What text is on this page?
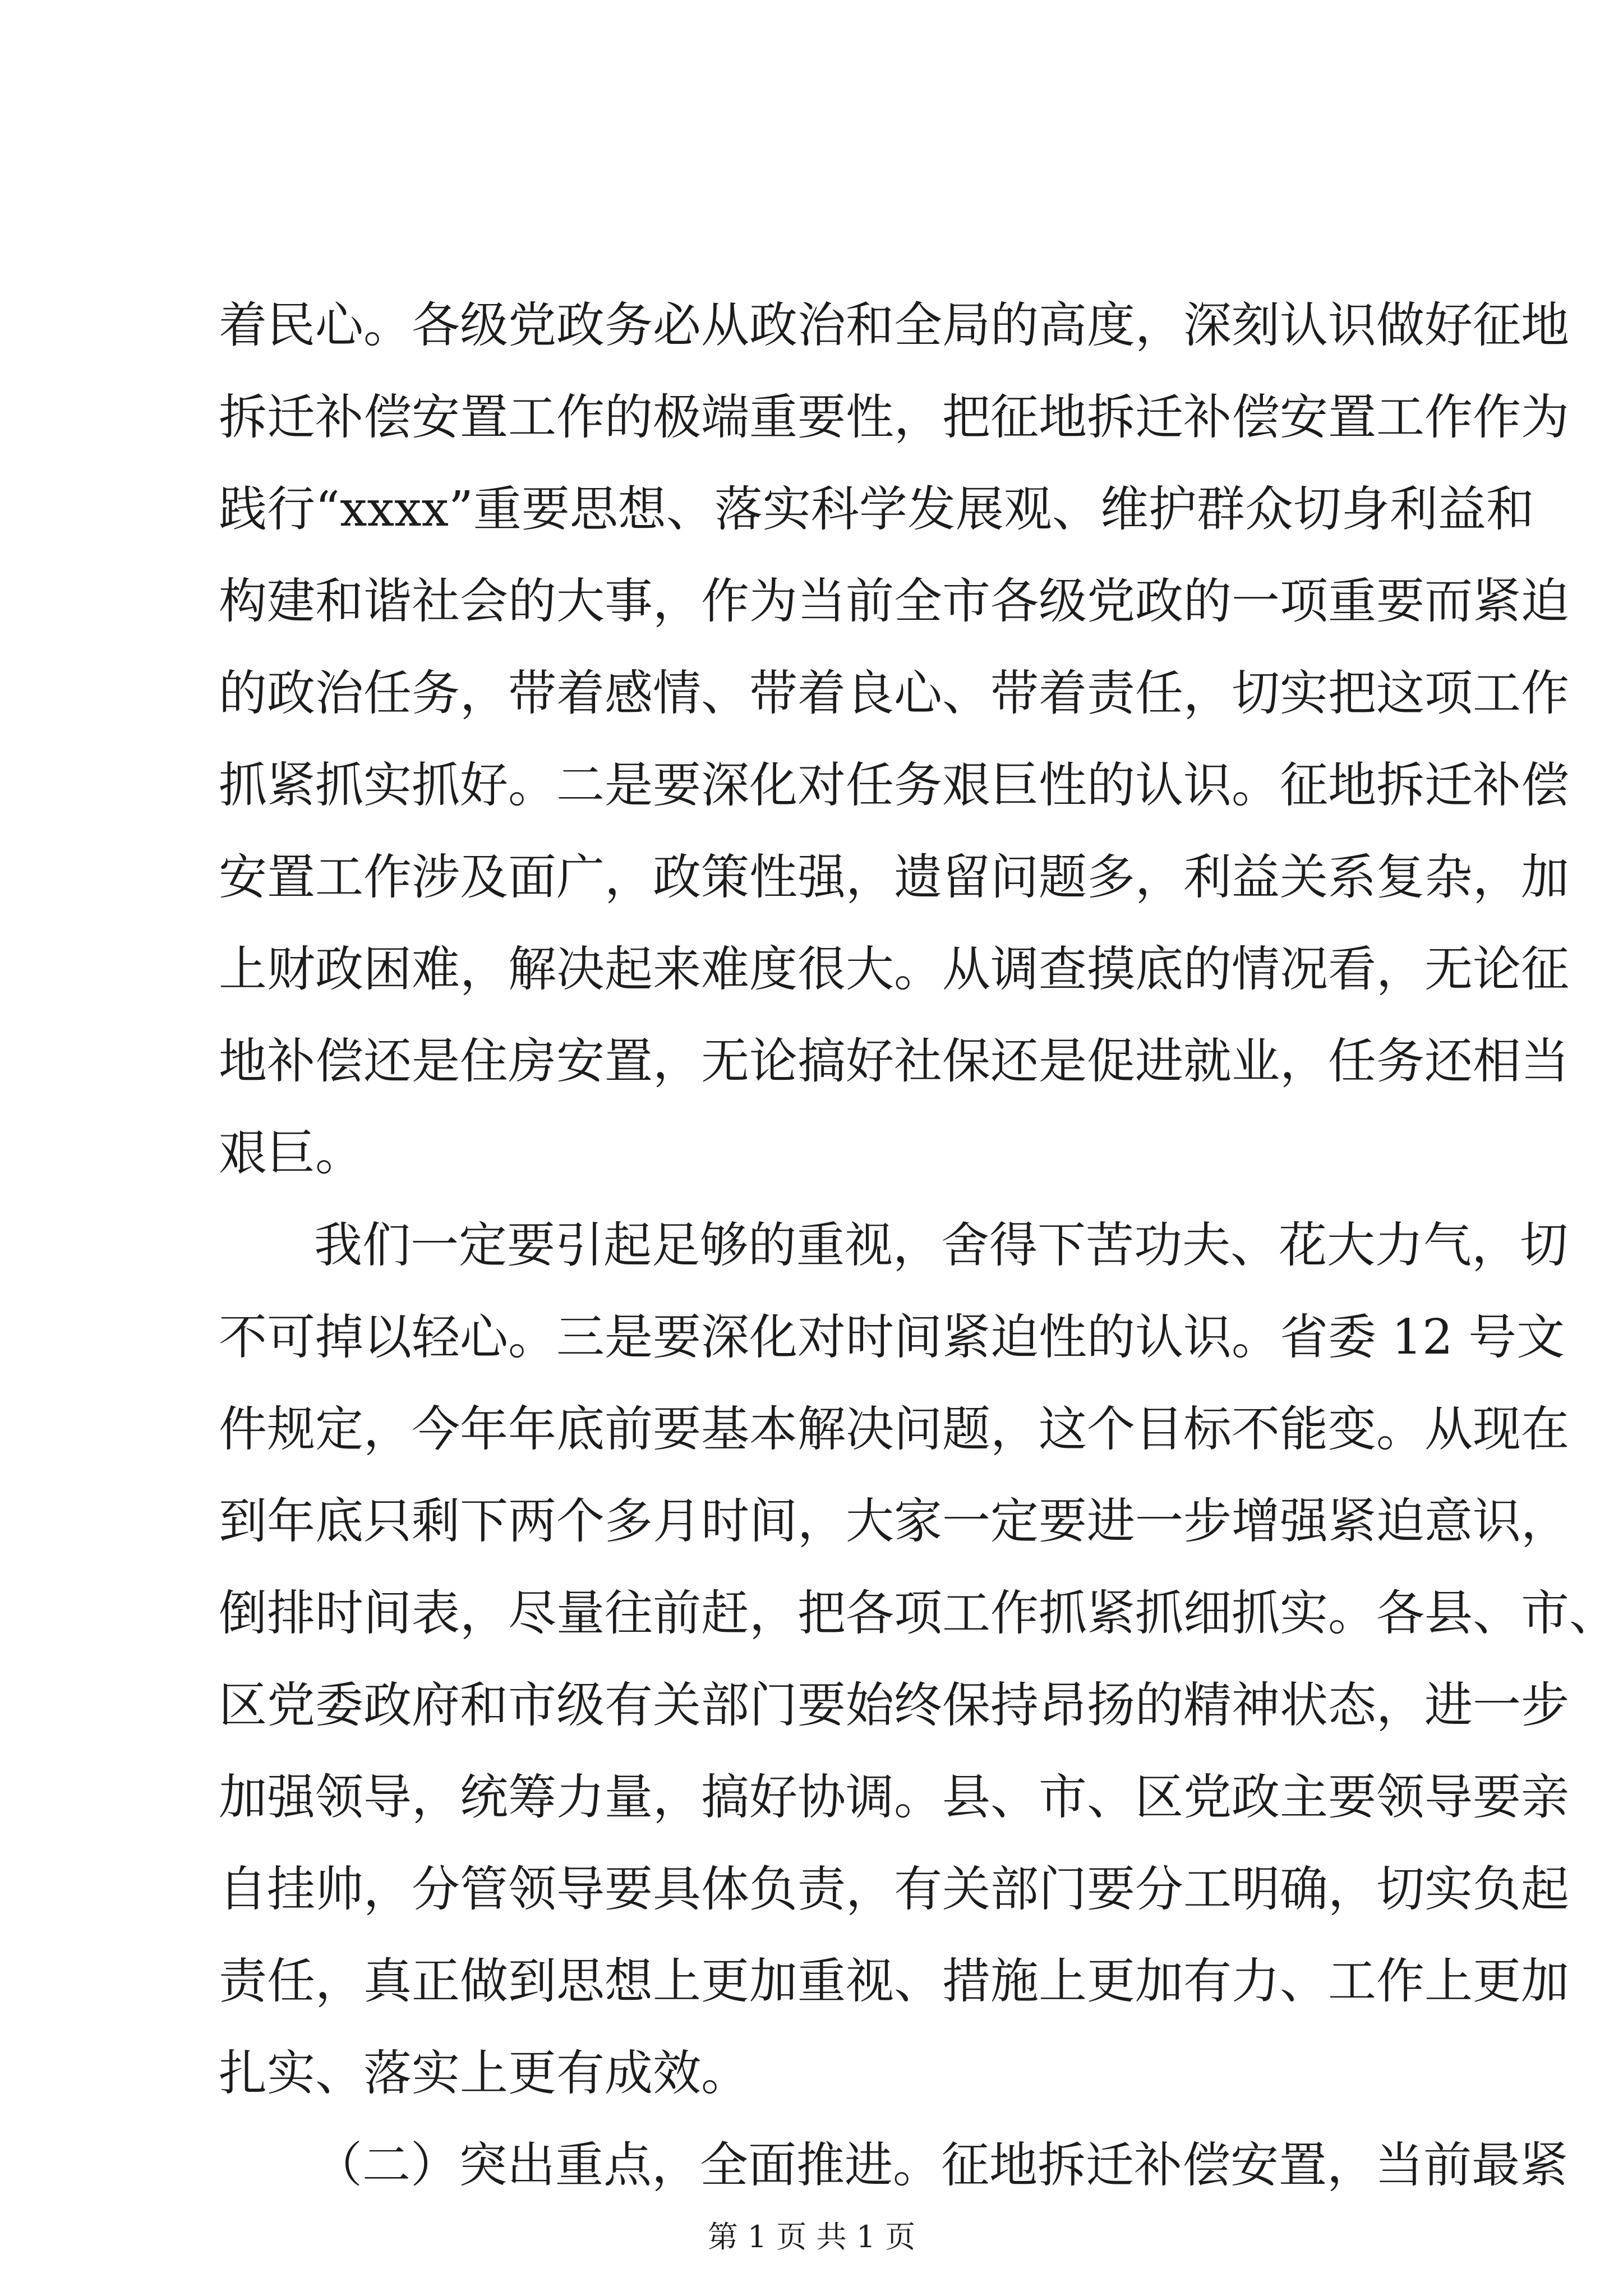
着民心。各级党政务必从政治和全局的高度，深刻认识做好征地
拆迁补偿安置工作的极端重要性，把征地拆迁补偿安置工作作为
践行“xxxx”重要思想、落实科学发展观、维护群众切身利益和
构建和谐社会的大事，作为当前全市各级党政的一项重要而紧迫
的政治任务，带着感情、带着良心、带着责任，切实把这项工作
抓紧抓实抓好。二是要深化对任务艰巨性的认识。征地拆迁补偿
安置工作涉及面广，政策性强，遗留问题多，利益关系复杂，加
上财政困难，解决起来难度很大。从调查摸底的情况看，无论征
地补偿还是住房安置，无论搞好社保还是促进就业，任务还相当
艰巨。
我们一定要引起足够的重视，舍得下苦功夫、花大力气，切
不可掉以轻心。三是要深化对时间紧迫性的认识。省委 12 号文
件规定，今年年底前要基本解决问题，这个目标不能变。从现在
到年底只剩下两个多月时间，大家一定要进一步增强紧迫意识，
倒排时间表，尽量往前赶，把各项工作抓紧抓细抓实。各县、市、
区党委政府和市级有关部门要始终保持昂扬的精神状态，进一步
加强领导，统筹力量，搞好协调。县、市、区党政主要领导要亲
自挂帅，分管领导要具体负责，有关部门要分工明确，切实负起
责任，真正做到思想上更加重视、措施上更加有力、工作上更加
扎实、落实上更有成效。
（二）突出重点，全面推进。征地拆迁补偿安置，当前最紧
第 1 页 共 1 页
